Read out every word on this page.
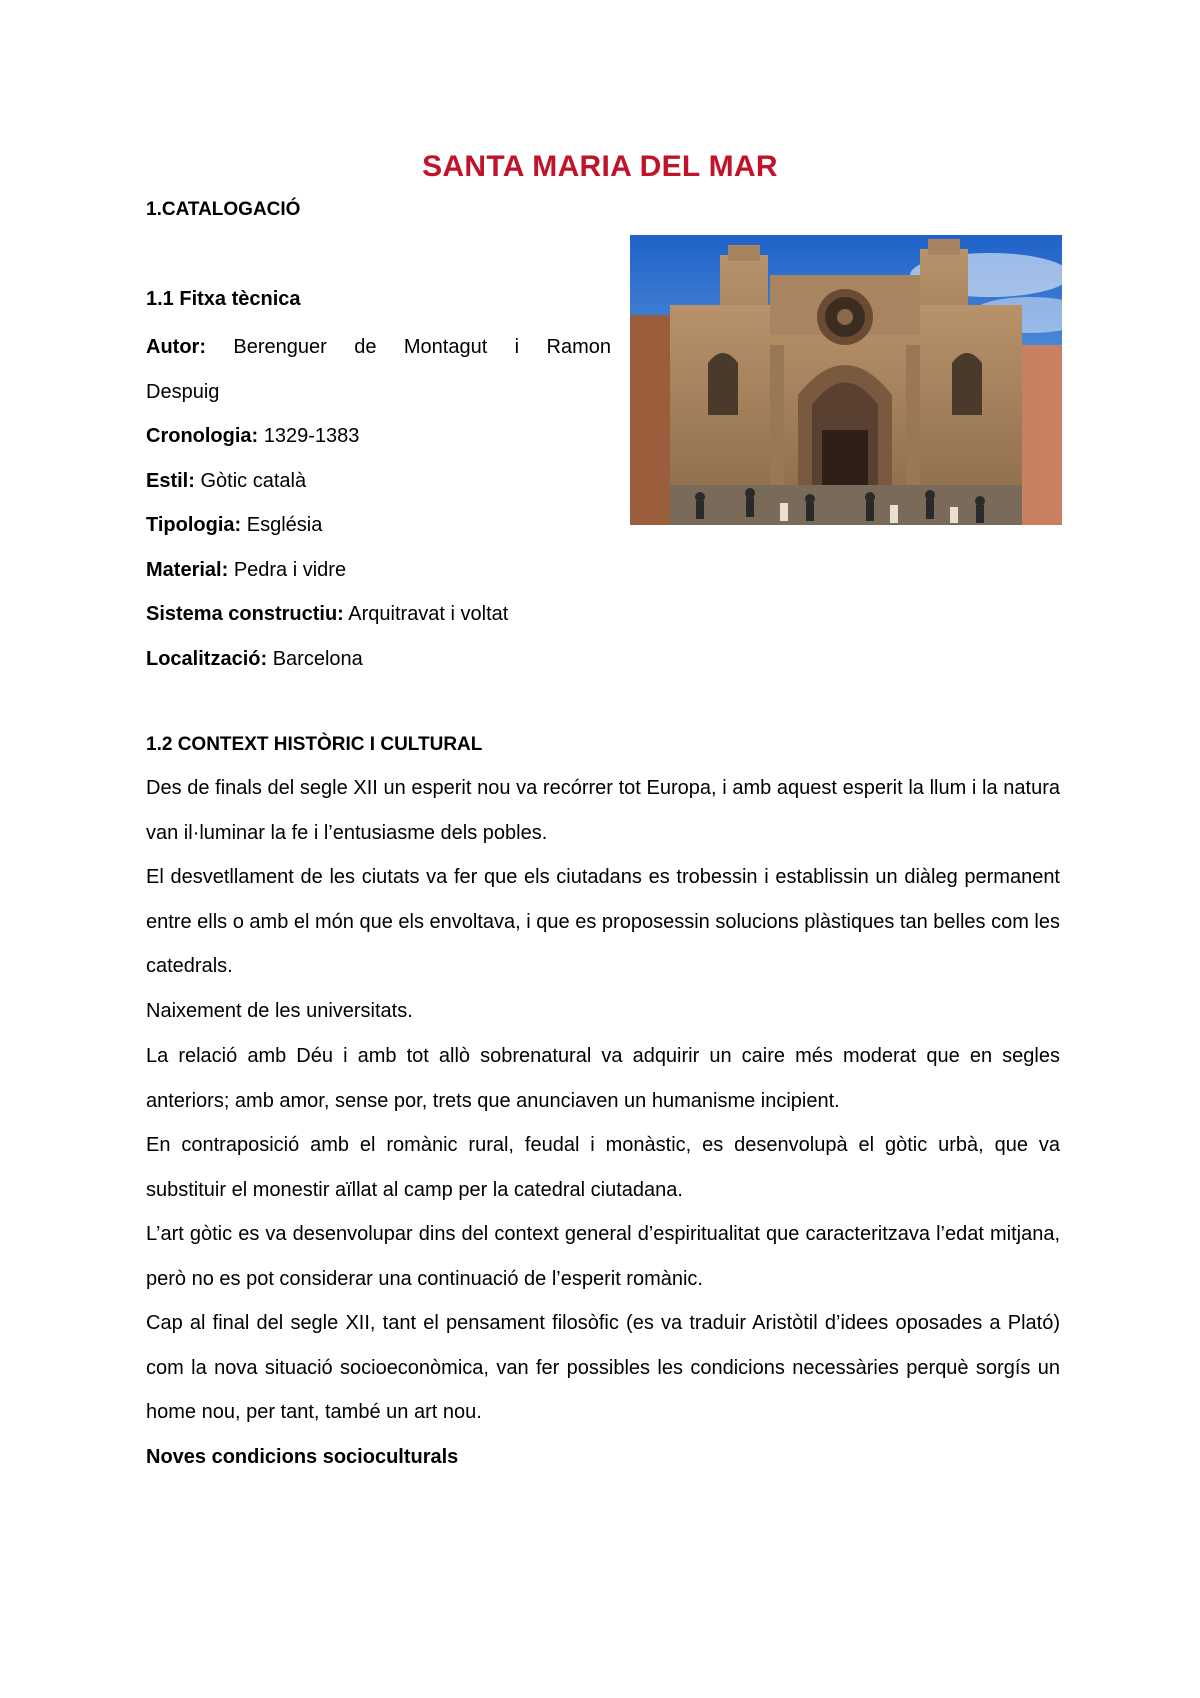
SANTA MARIA DEL MAR
1.CATALOGACIÓ
1.1 Fitxa tècnica
Autor: Berenguer de Montagut i Ramon
Despuig
Cronologia: 1329-1383
Estil: Gòtic català
Tipologia: Església
Material: Pedra i vidre
Sistema constructiu: Arquitravat i voltat
Localització: Barcelona
1.2 CONTEXT HISTÒRIC I CULTURAL
Des de finals del segle XII un esperit nou va recórrer tot Europa, i amb aquest esperit la llum i la natura van il·luminar la fe i l’entusiasme dels pobles.
El desvetllament de les ciutats va fer que els ciutadans es trobessin i establissin un diàleg permanent entre ells o amb el món que els envoltava, i que es proposessin solucions plàstiques tan belles com les catedrals.
Naixement de les universitats.
La relació amb Déu i amb tot allò sobrenatural va adquirir un caire més moderat que en segles anteriors; amb amor, sense por, trets que anunciaven un humanisme incipient.
En contraposició amb el romànic rural, feudal i monàstic, es desenvolupà el gòtic urbà, que va substituir el monestir aïllat al camp per la catedral ciutadana.
L’art gòtic es va desenvolupar dins del context general d’espiritualitat que caracteritzava l’edat mitjana, però no es pot considerar una continuació de l’esperit romànic.
Cap al final del segle XII, tant el pensament filosòfic (es va traduir Aristòtil d’idees oposades a Plató) com la nova situació socioeconòmica, van fer possibles les condicions necessàries perquè sorgís un home nou, per tant, també un art nou.
Noves condicions socioculturals
